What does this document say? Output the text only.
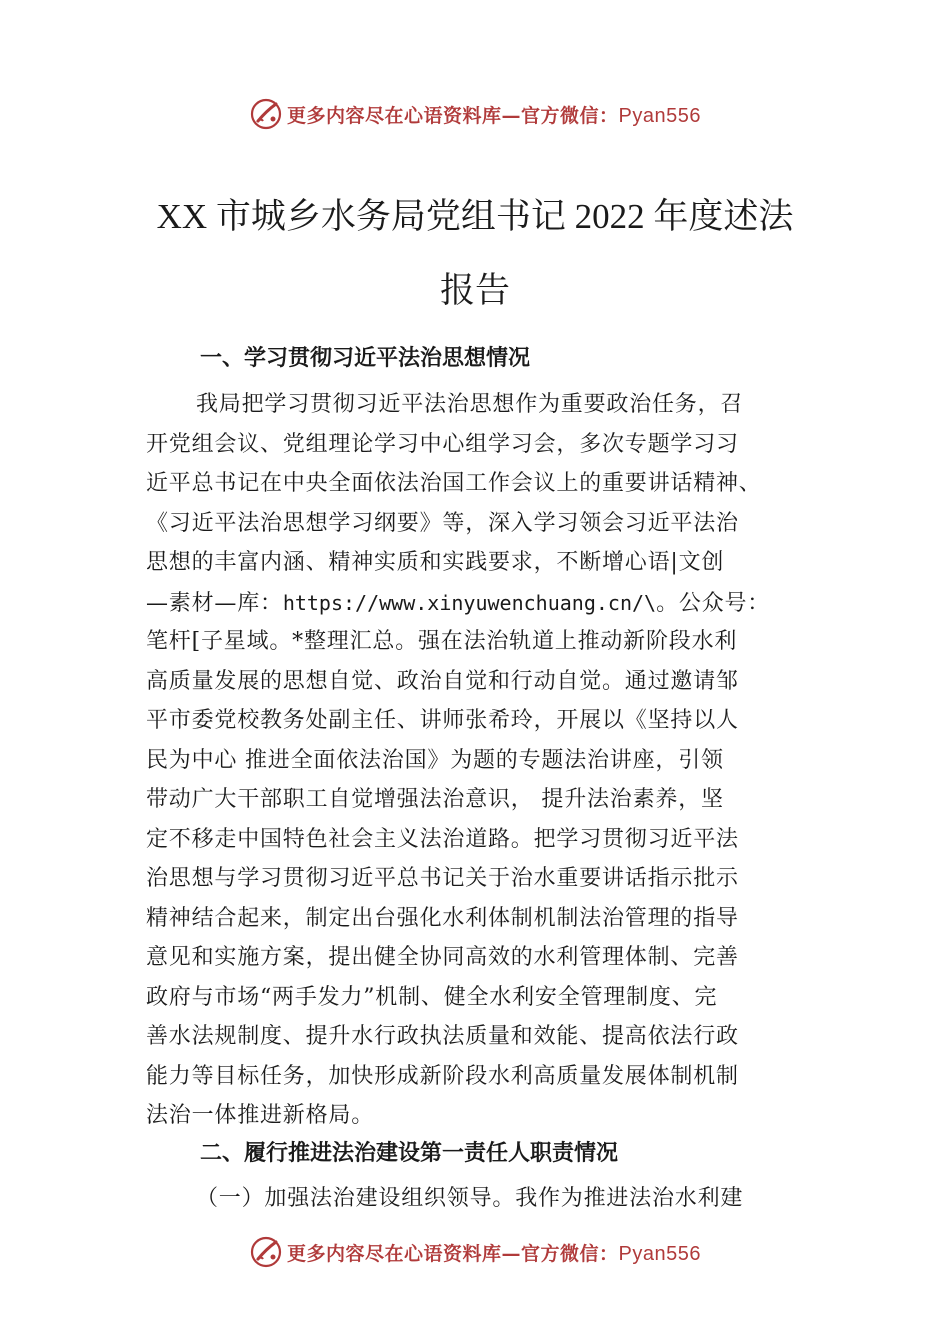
更多内容尽在心语资料库—官方微信：Pyan556
XX 市城乡水务局党组书记 2022 年度述法
报告

一、学习贯彻习近平法治思想情况

我局把学习贯彻习近平法治思想作为重要政治任务，召

开党组会议、党组理论学习中心组学习会，多次专题学习习

近平总书记在中央全面依法治国工作会议上的重要讲话精神、

《习近平法治思想学习纲要》等，深入学习领会习近平法治

思想的丰富内涵、精神实质和实践要求，不断增心语|文创

—素材—库：https://www.xinyuwenchuang.cn/\。公众号：

笔杆[子星域。*整理汇总。强在法治轨道上推动新阶段水利

高质量发展的思想自觉、政治自觉和行动自觉。通过邀请邹

平市委党校教务处副主任、讲师张希玲，开展以《坚持以人

民为中心 推进全面依法治国》为题的专题法治讲座，引领

带动广大干部职工自觉增强法治意识， 提升法治素养，坚

定不移走中国特色社会主义法治道路。把学习贯彻习近平法

治思想与学习贯彻习近平总书记关于治水重要讲话指示批示

精神结合起来，制定出台强化水利体制机制法治管理的指导

意见和实施方案，提出健全协同高效的水利管理体制、完善

政府与市场“两手发力”机制、健全水利安全管理制度、完

善水法规制度、提升水行政执法质量和效能、提高依法行政

能力等目标任务，加快形成新阶段水利高质量发展体制机制

法治一体推进新格局。

二、履行推进法治建设第一责任人职责情况

（一）加强法治建设组织领导。我作为推进法治水利建

更多内容尽在心语资料库—官方微信：Pyan556
